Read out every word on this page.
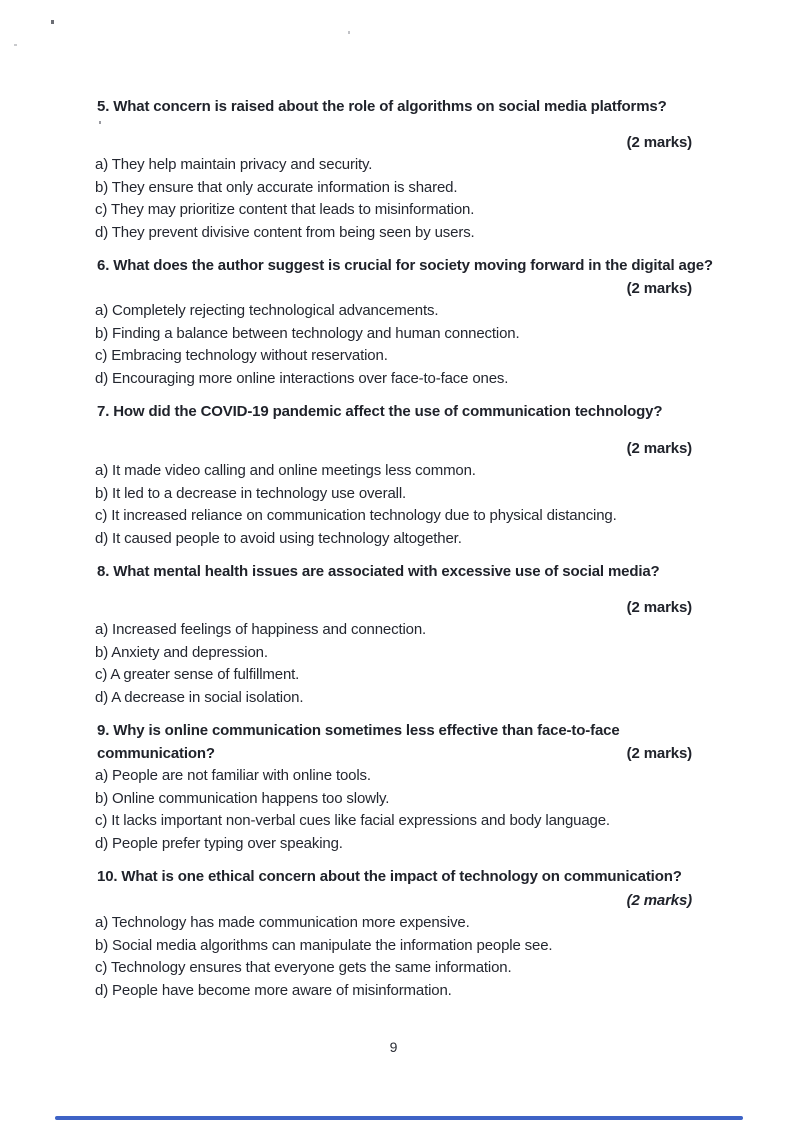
5. What concern is raised about the role of algorithms on social media platforms?
(2 marks)
a) They help maintain privacy and security.
b) They ensure that only accurate information is shared.
c) They may prioritize content that leads to misinformation.
d) They prevent divisive content from being seen by users.
6. What does the author suggest is crucial for society moving forward in the digital age?
(2 marks)
a) Completely rejecting technological advancements.
b) Finding a balance between technology and human connection.
c) Embracing technology without reservation.
d) Encouraging more online interactions over face-to-face ones.
7. How did the COVID-19 pandemic affect the use of communication technology?
(2 marks)
a) It made video calling and online meetings less common.
b) It led to a decrease in technology use overall.
c) It increased reliance on communication technology due to physical distancing.
d) It caused people to avoid using technology altogether.
8. What mental health issues are associated with excessive use of social media?
(2 marks)
a) Increased feelings of happiness and connection.
b) Anxiety and depression.
c) A greater sense of fulfillment.
d) A decrease in social isolation.
9. Why is online communication sometimes less effective than face-to-face
communication?	(2 marks)
a) People are not familiar with online tools.
b) Online communication happens too slowly.
c) It lacks important non-verbal cues like facial expressions and body language.
d) People prefer typing over speaking.
10. What is one ethical concern about the impact of technology on communication?
(2 marks)
a) Technology has made communication more expensive.
b) Social media algorithms can manipulate the information people see.
c) Technology ensures that everyone gets the same information.
d) People have become more aware of misinformation.
9
